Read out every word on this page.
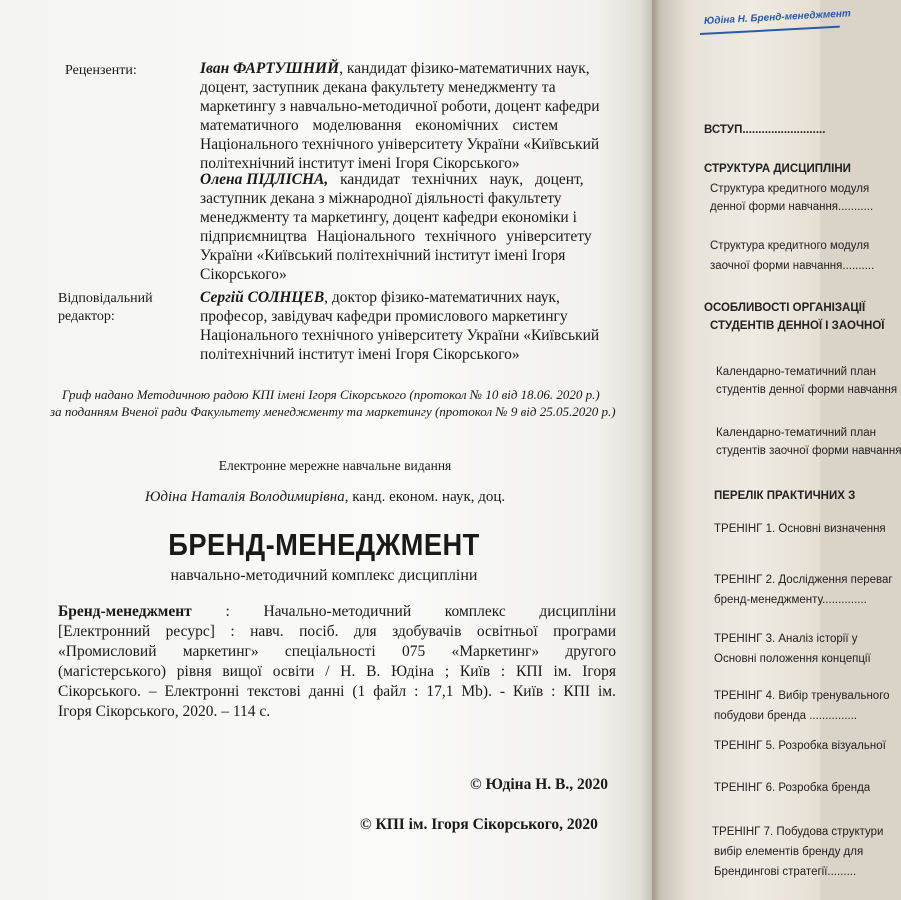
Рецензенти:	Іван ФАРТУШНИЙ, кандидат фізико-математичних наук,
доцент, заступник декана факультету менеджменту та
маркетингу з навчально-методичної роботи, доцент кафедри
математичного моделювання економічних систем
Національного технічного університету України «Київський
політехнічний інститут імені Ігоря Сікорського»
Олена ПІДЛІСНА, кандидат технічних наук, доцент,
заступник декана з міжнародної діяльності факультету
менеджменту та маркетингу, доцент кафедри економіки і
підприємництва Національного технічного університету
України «Київський політехнічний інститут імені Ігоря
Сікорського»
Відповідальний
редактор:
Сергій СОЛНЦЕВ, доктор фізико-математичних наук,
професор, завідувач кафедри промислового маркетингу
Національного технічного університету України «Київський
політехнічний інститут імені Ігоря Сікорського»
Гриф надано Методичною радою КПІ імені Ігоря Сікорського (протокол № 10 від 18.06. 2020 р.)
за поданням Вченої ради Факультету менеджменту та маркетингу (протокол № 9 від 25.05.2020 р.)
Електронне мережне навчальне видання
Юдіна Наталія Володимирівна, канд. економ. наук, доц.
БРЕНД-МЕНЕДЖМЕНТ
навчально-методичний комплекс дисципліни
Бренд-менеджмент : Начально-методичний комплекс дисципліни
[Електронний ресурс] : навч. посіб. для здобувачів освітньої програми
«Промисловий маркетинг» спеціальності 075 «Маркетинг» другого
(магістерського) рівня вищої освіти / Н. В. Юдіна ; Київ : КПІ ім. Ігоря
Сікорського. – Електронні текстові данні (1 файл : 17,1 Mb). - Київ : КПІ ім.
Ігоря Сікорського, 2020. – 114 с.
© Юдіна Н. В., 2020
© КПІ ім. Ігоря Сікорського, 2020
Юдіна Н. Бренд-менеджмент
ВСТУП..........................
СТРУКТУРА ДИСЦИПЛІНИ
Структура кредитного модуля
денної форми навчання...........
Структура кредитного модуля
заочної форми навчання..........
ОСОБЛИВОСТІ ОРГАНІЗАЦІЇ
СТУДЕНТІВ ДЕННОЇ І ЗАОЧНОЇ
Календарно-тематичний план
студентів денної форми навчання
Календарно-тематичний план
студентів заочної форми навчання
ПЕРЕЛІК ПРАКТИЧНИХ З
ТРЕНІНГ 1. Основні визначення
ТРЕНІНГ 2. Дослідження переваг
бренд-менеджменту..............
ТРЕНІНГ 3. Аналіз історії у
Основні положення концепції
ТРЕНІНГ 4. Вибір тренувального
побудови бренда ...............
ТРЕНІНГ 5. Розробка візуальної
ТРЕНІНГ 6. Розробка бренда
ТРЕНІНГ 7. Побудова структури
вибір елементів бренду для
Брендингові стратегії.........
